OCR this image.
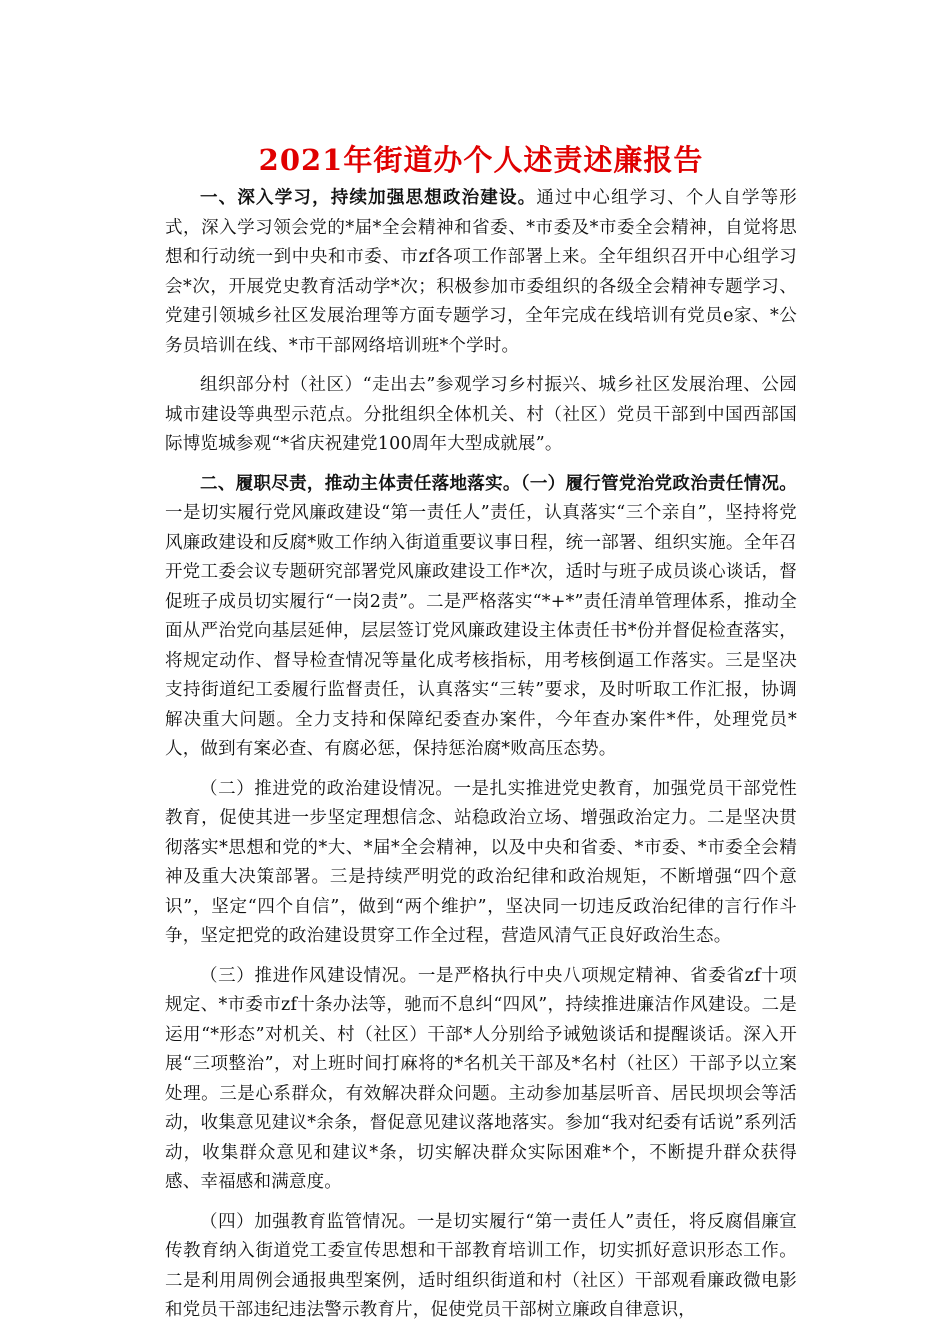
2021年街道办个人述责述廉报告

一、深入学习，持续加强思想政治建设。通过中心组学习、个人自学等形式，深入学习领会党的*届*全会精神和省委、*市委及*市委全会精神，自觉将思想和行动统一到中央和市委、市zf各项工作部署上来。全年组织召开中心组学习会*次，开展党史教育活动学*次；积极参加市委组织的各级全会精神专题学习、党建引领城乡社区发展治理等方面专题学习，全年完成在线培训有党员e家、*公务员培训在线、*市干部网络培训班*个学时。

组织部分村（社区）“走出去”参观学习乡村振兴、城乡社区发展治理、公园城市建设等典型示范点。分批组织全体机关、村（社区）党员干部到中国西部国际博览城参观“*省庆祝建党100周年大型成就展”。

二、履职尽责，推动主体责任落地落实。（一）履行管党治党政治责任情况。一是切实履行党风廉政建设“第一责任人”责任，认真落实“三个亲自”，坚持将党风廉政建设和反腐*败工作纳入街道重要议事日程，统一部署、组织实施。全年召开党工委会议专题研究部署党风廉政建设工作*次，适时与班子成员谈心谈话，督促班子成员切实履行“一岗2责”。二是严格落实“*+*”责任清单管理体系，推动全面从严治党向基层延伸，层层签订党风廉政建设主体责任书*份并督促检查落实，将规定动作、督导检查情况等量化成考核指标，用考核倒逼工作落实。三是坚决支持街道纪工委履行监督责任，认真落实“三转”要求，及时听取工作汇报，协调解决重大问题。全力支持和保障纪委查办案件，今年查办案件*件，处理党员*人，做到有案必查、有腐必惩，保持惩治腐*败高压态势。

（二）推进党的政治建设情况。一是扎实推进党史教育，加强党员干部党性教育，促使其进一步坚定理想信念、站稳政治立场、增强政治定力。二是坚决贯彻落实*思想和党的*大、*届*全会精神，以及中央和省委、*市委、*市委全会精神及重大决策部署。三是持续严明党的政治纪律和政治规矩，不断增强“四个意识”，坚定“四个自信”，做到“两个维护”，坚决同一切违反政治纪律的言行作斗争，坚定把党的政治建设贯穿工作全过程，营造风清气正良好政治生态。

（三）推进作风建设情况。一是严格执行中央八项规定精神、省委省zf十项规定、*市委市zf十条办法等，驰而不息纠“四风”，持续推进廉洁作风建设。二是运用“*形态”对机关、村（社区）干部*人分别给予诫勉谈话和提醒谈话。深入开展“三项整治”，对上班时间打麻将的*名机关干部及*名村（社区）干部予以立案处理。三是心系群众，有效解决群众问题。主动参加基层听音、居民坝坝会等活动，收集意见建议*余条，督促意见建议落地落实。参加“我对纪委有话说”系列活动，收集群众意见和建议*条，切实解决群众实际困难*个，不断提升群众获得感、幸福感和满意度。

（四）加强教育监管情况。一是切实履行“第一责任人”责任，将反腐倡廉宣传教育纳入街道党工委宣传思想和干部教育培训工作，切实抓好意识形态工作。二是利用周例会通报典型案例，适时组织街道和村（社区）干部观看廉政微电影和党员干部违纪违法警示教育片，促使党员干部树立廉政自律意识，
